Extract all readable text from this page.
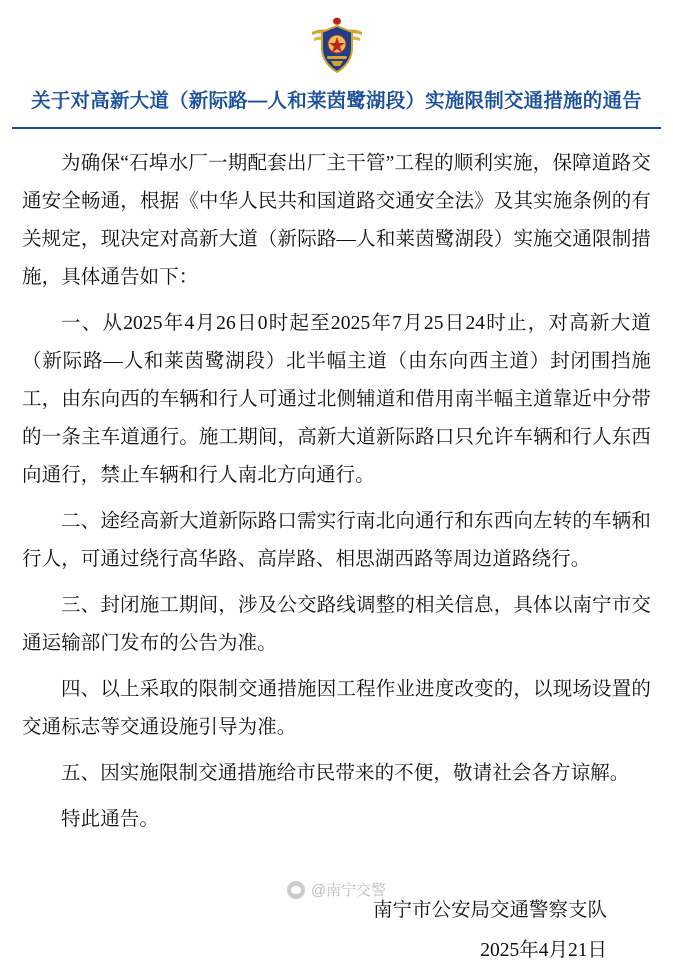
关于对高新大道（新际路—人和莱茵鹭湖段）实施限制交通措施的通告

为确保“石埠水厂一期配套出厂主干管”工程的顺利实施，保障道路交通安全畅通，根据《中华人民共和国道路交通安全法》及其实施条例的有关规定，现决定对高新大道（新际路—人和莱茵鹭湖段）实施交通限制措施，具体通告如下：

一、从2025年4月26日0时起至2025年7月25日24时止，对高新大道（新际路—人和莱茵鹭湖段）北半幅主道（由东向西主道）封闭围挡施工，由东向西的车辆和行人可通过北侧辅道和借用南半幅主道靠近中分带的一条主车道通行。施工期间，高新大道新际路口只允许车辆和行人东西向通行，禁止车辆和行人南北方向通行。

二、途经高新大道新际路口需实行南北向通行和东西向左转的车辆和行人，可通过绕行高华路、高岸路、相思湖西路等周边道路绕行。

三、封闭施工期间，涉及公交路线调整的相关信息，具体以南宁市交通运输部门发布的公告为准。

四、以上采取的限制交通措施因工程作业进度改变的，以现场设置的交通标志等交通设施引导为准。

五、因实施限制交通措施给市民带来的不便，敬请社会各方谅解。

特此通告。

南宁市公安局交通警察支队
2025年4月21日
@南宁交警
